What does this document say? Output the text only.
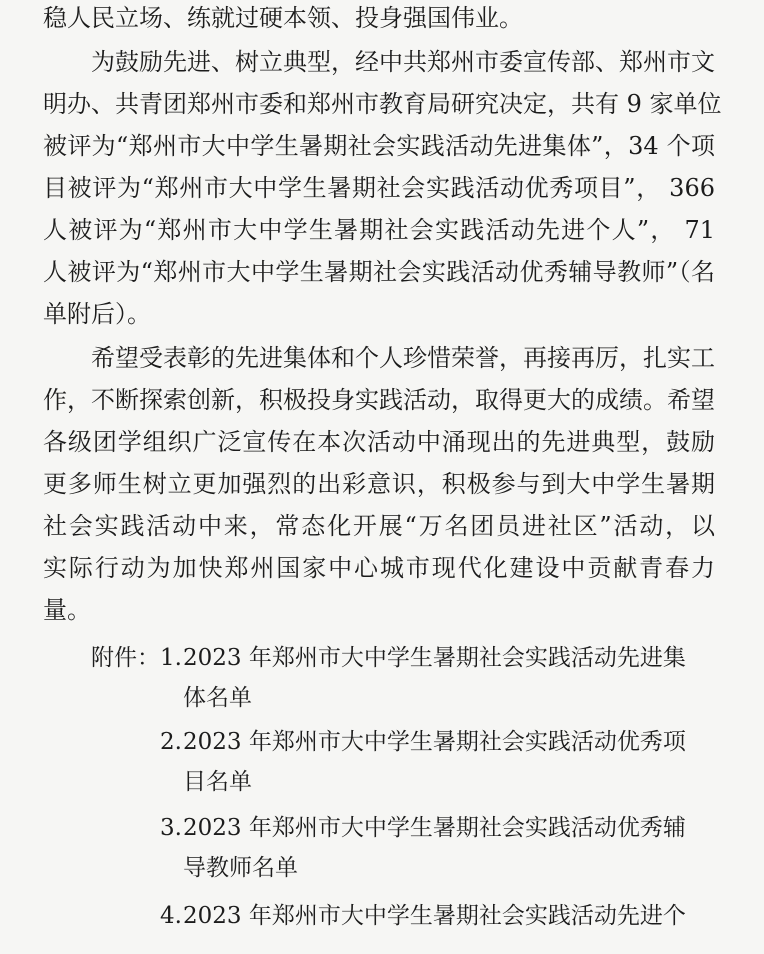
稳人民立场、练就过硬本领、投身强国伟业。
为鼓励先进、树立典型，经中共郑州市委宣传部、郑州市文
明办、共青团郑州市委和郑州市教育局研究决定，共有 9 家单位
被评为“郑州市大中学生暑期社会实践活动先进集体”，34 个项
目被评为“郑州市大中学生暑期社会实践活动优秀项目”， 366
人被评为“郑州市大中学生暑期社会实践活动先进个人”， 71
人被评为“郑州市大中学生暑期社会实践活动优秀辅导教师”（名
单附后）。
希望受表彰的先进集体和个人珍惜荣誉，再接再厉，扎实工
作，不断探索创新，积极投身实践活动，取得更大的成绩。希望
各级团学组织广泛宣传在本次活动中涌现出的先进典型，鼓励
更多师生树立更加强烈的出彩意识，积极参与到大中学生暑期
社会实践活动中来，常态化开展“万名团员进社区”活动，以
实际行动为加快郑州国家中心城市现代化建设中贡献青春力
量。
附件： 1. 2023 年郑州市大中学生暑期社会实践活动先进集
体名单
2. 2023 年郑州市大中学生暑期社会实践活动优秀项
目名单
3. 2023 年郑州市大中学生暑期社会实践活动优秀辅
导教师名单
4. 2023 年郑州市大中学生暑期社会实践活动先进个
